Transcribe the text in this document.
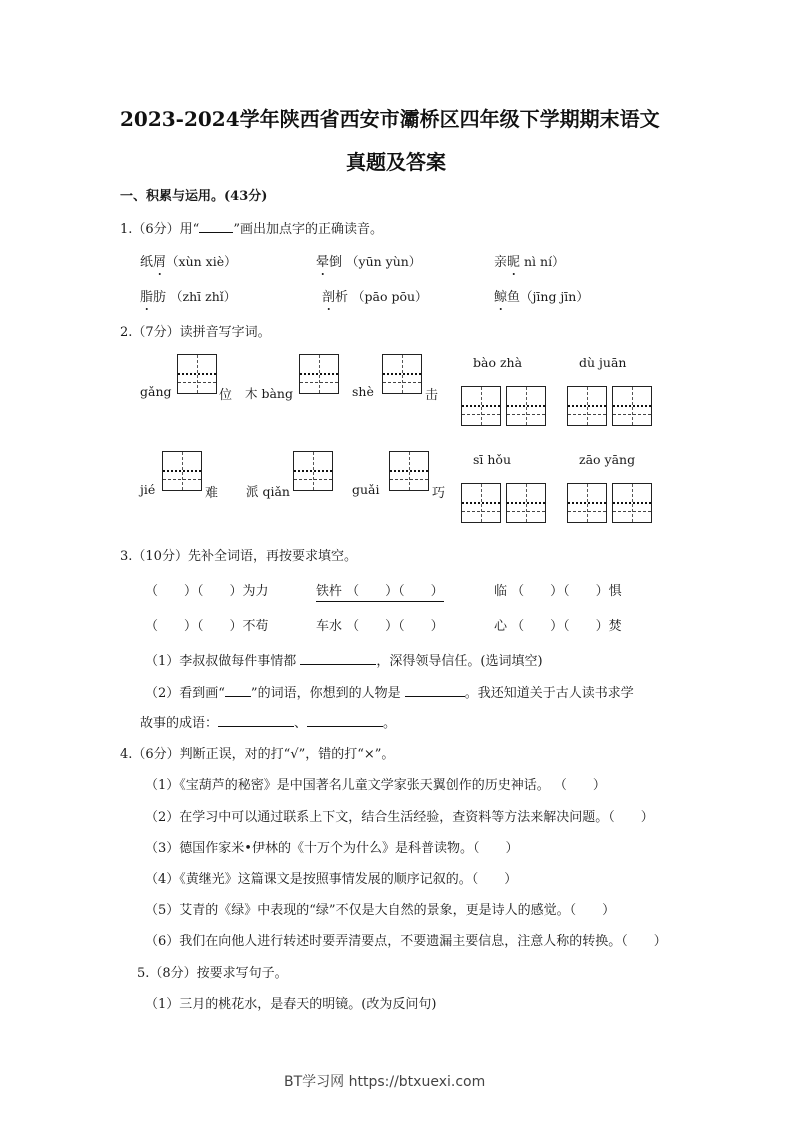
2023-2024学年陕西省西安市灞桥区四年级下学期期末语文
真题及答案
一、积累与运用。(43分)
1.（6分）用“	”画出加点字的正确读音。
纸屑（xùn xiè）	晕倒 （yūn yùn）	亲昵 nì ní）
脂肪 （zhī zhǐ）	剖析 （pāo pōu）	鲸鱼（jīng jīn）
2.（7分）读拼音写字词。
gǎng	位 木 bàng	shè	击
bào zhà	dù juān
jié	难 派 qiǎn	guǎi	巧
sī hǒu	zāo yāng
3.（10分）先补全词语，再按要求填空。
（　　）（　　）为力	铁杵 （　　）（　　）	临 （　　）（　　）惧
（　　）（　　）不苟	车水 （　　）（　　）	心 （　　）（　　）焚
（1）李叔叔做每件事情都	，深得领导信任。(选词填空)
（2）看到画“ ”的词语，你想到的人物是	。我还知道关于古人读书求学
故事的成语：	、	。
4.（6分）判断正误，对的打“√”，错的打“×”。
（1）《宝葫芦的秘密》是中国著名儿童文学家张天翼创作的历史神话。 （　　）
（2）在学习中可以通过联系上下文，结合生活经验，查资料等方法来解决问题。（　　）
（3）德国作家米•伊林的《十万个为什么》是科普读物。（　　）
（4）《黄继光》这篇课文是按照事情发展的顺序记叙的。（　　）
（5）艾青的《绿》中表现的“绿”不仅是大自然的景象，更是诗人的感觉。（　　）
（6）我们在向他人进行转述时要弄清要点，不要遗漏主要信息，注意人称的转换。（　　）
5.（8分）按要求写句子。
（1）三月的桃花水，是春天的明镜。(改为反问句)
BT学习网 https://btxuexi.com
